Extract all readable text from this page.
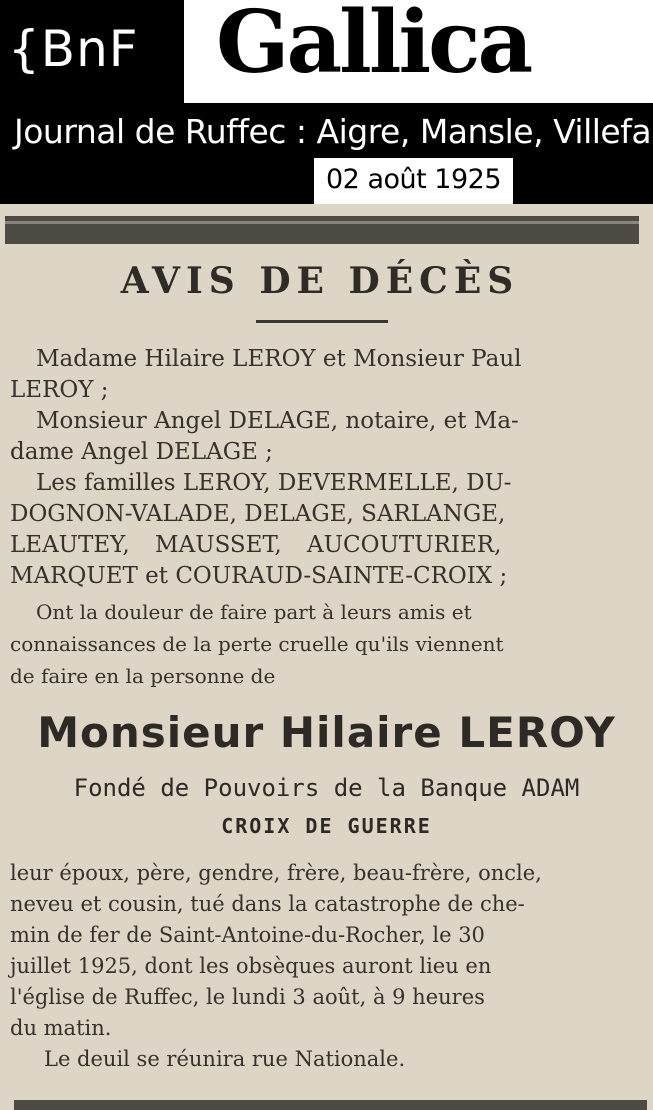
{BnF Gallica
Journal de Ruffec : Aigre, Mansle, Villefa
02 août 1925
AVIS DE DÉCÈS
Madame Hilaire LEROY et Monsieur Paul
LEROY ;
Monsieur Angel DELAGE, notaire, et Ma-
dame Angel DELAGE ;
Les familles LEROY, DEVERMELLE, DU-
DOGNON-VALADE, DELAGE, SARLANGE,
LEAUTEY, MAUSSET, AUCOUTURIER,
MARQUET et COURAUD-SAINTE-CROIX ;
Ont la douleur de faire part à leurs amis et
connaissances de la perte cruelle qu'ils viennent
de faire en la personne de
Monsieur Hilaire LEROY
Fondé de Pouvoirs de la Banque ADAM
CROIX DE GUERRE
leur époux, père, gendre, frère, beau-frère, oncle,
neveu et cousin, tué dans la catastrophe de che-
min de fer de Saint-Antoine-du-Rocher, le 30
juillet 1925, dont les obsèques auront lieu en
l'église de Ruffec, le lundi 3 août, à 9 heures
du matin.
Le deuil se réunira rue Nationale.
